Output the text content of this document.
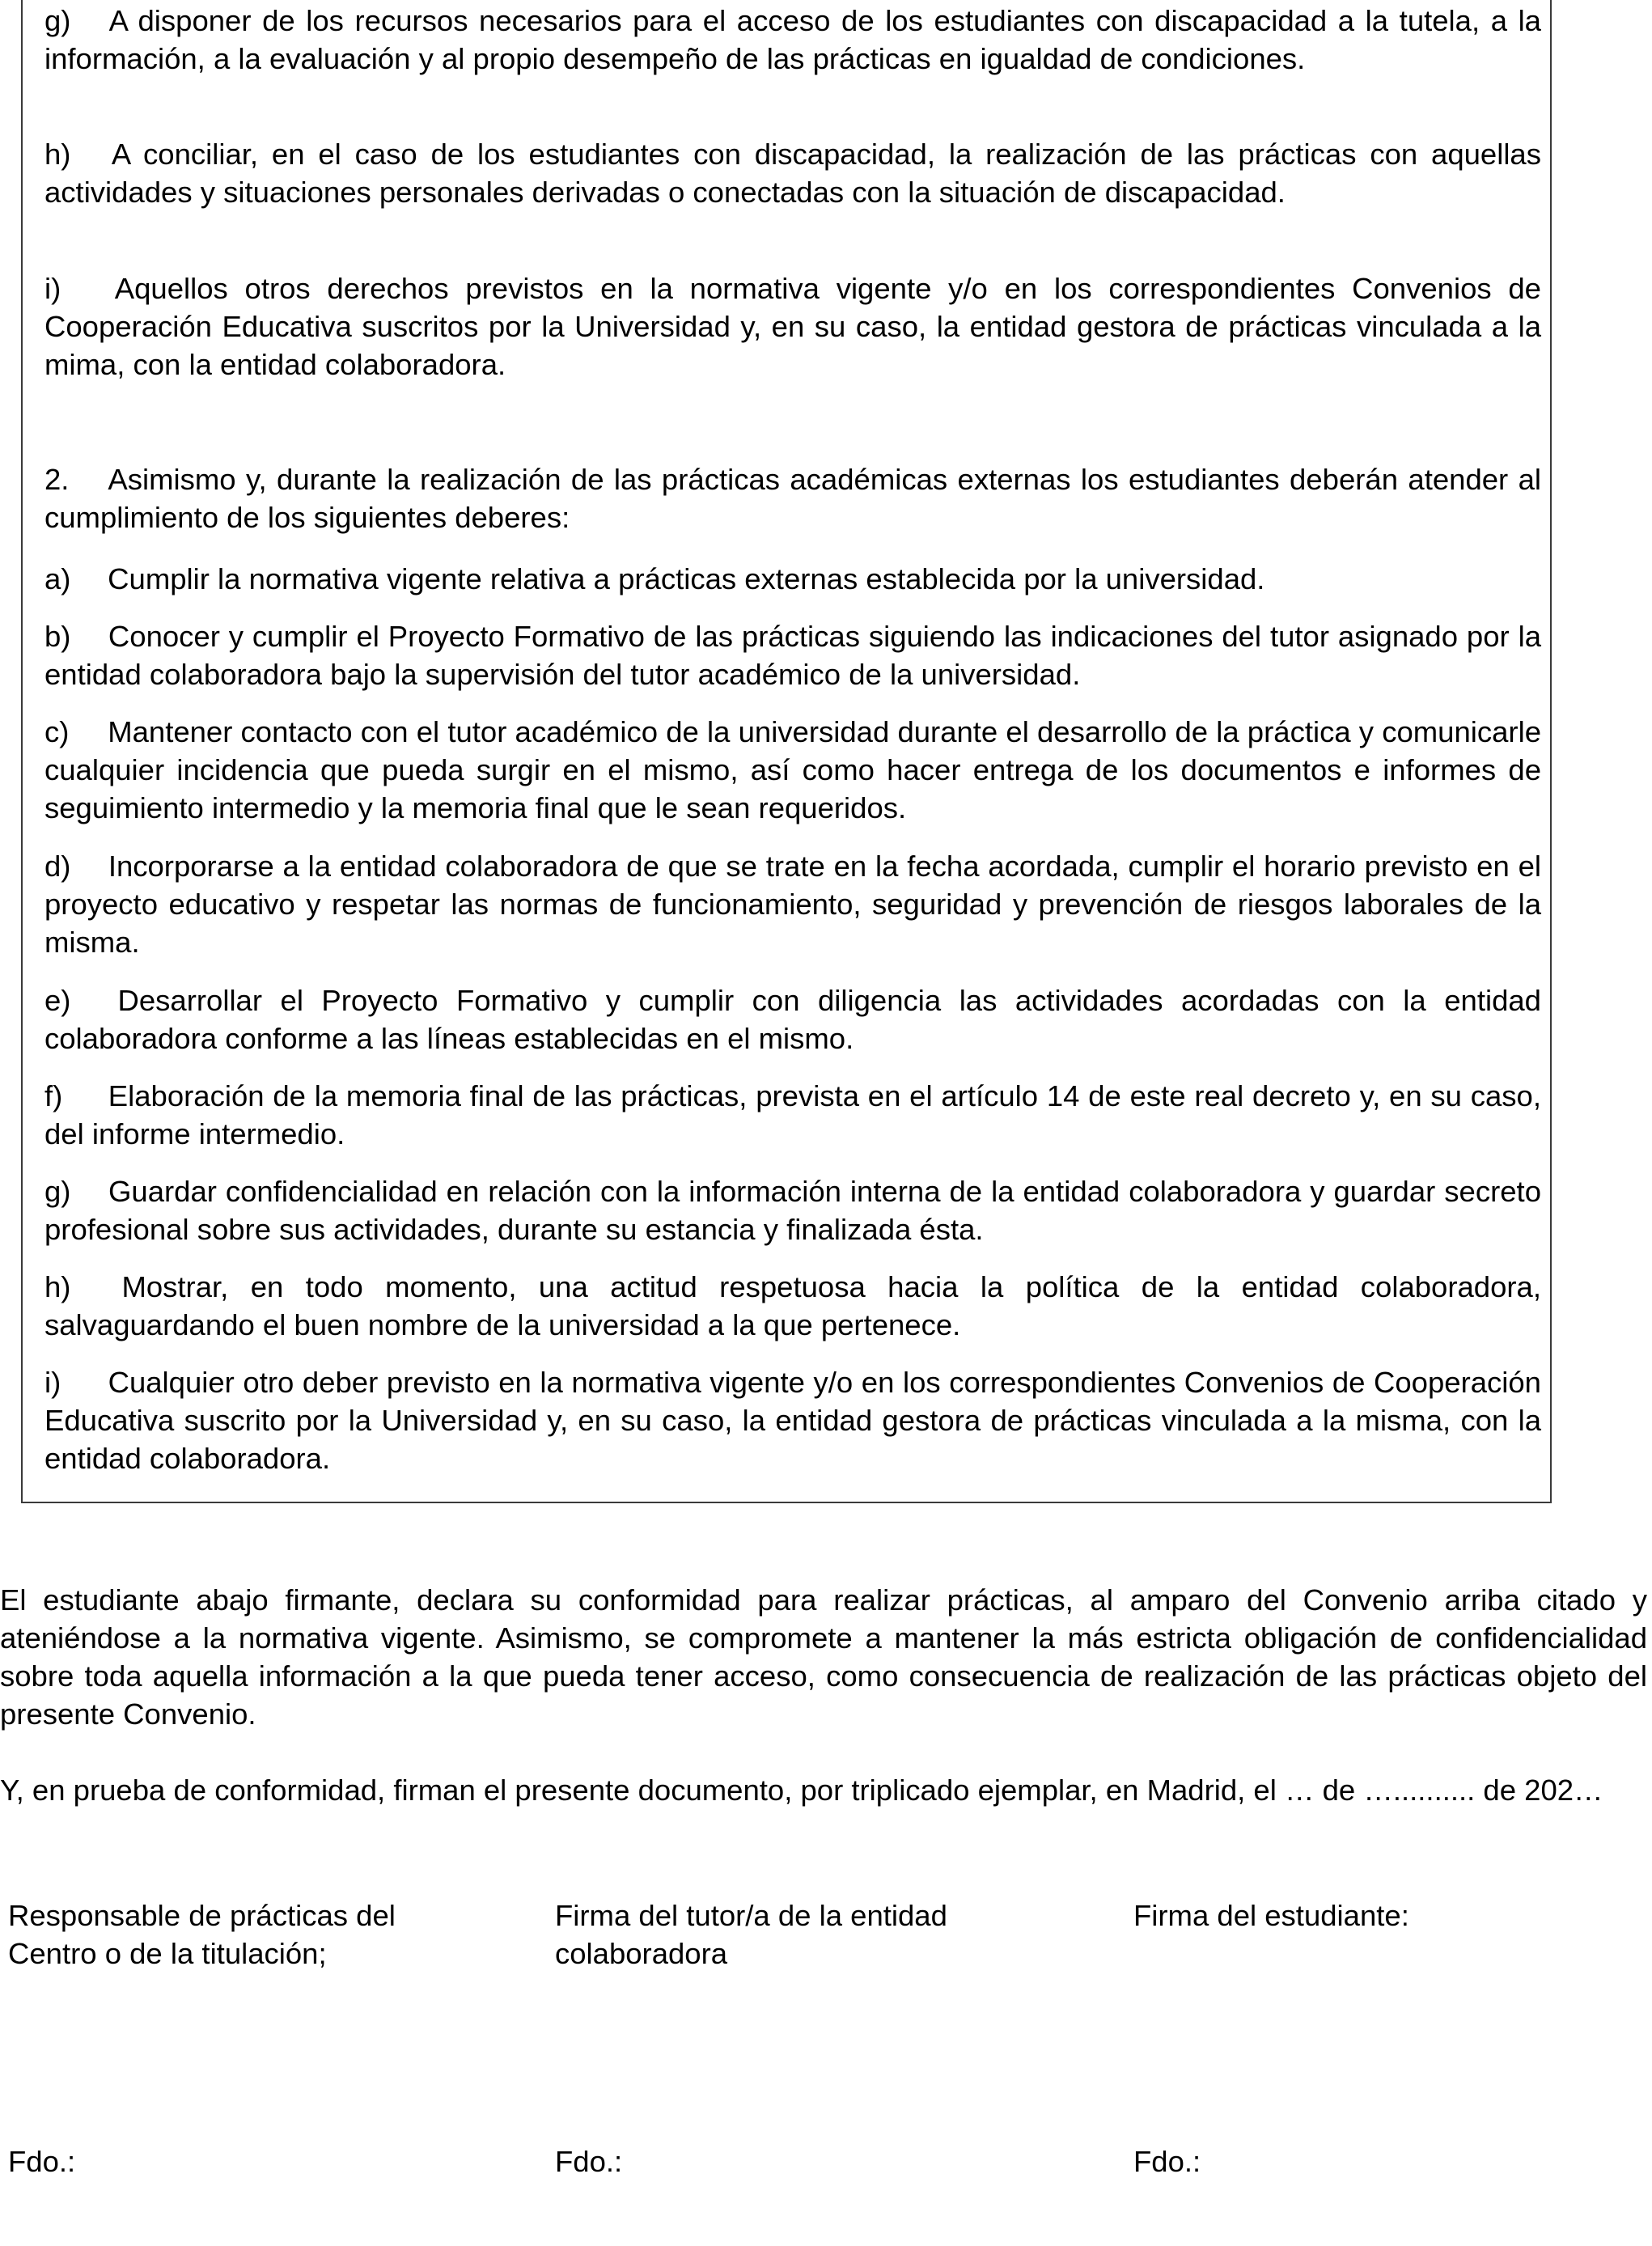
g) A disponer de los recursos necesarios para el acceso de los estudiantes con discapacidad a la tutela, a la información, a la evaluación y al propio desempeño de las prácticas en igualdad de condiciones.

h) A conciliar, en el caso de los estudiantes con discapacidad, la realización de las prácticas con aquellas actividades y situaciones personales derivadas o conectadas con la situación de discapacidad.

i) Aquellos otros derechos previstos en la normativa vigente y/o en los correspondientes Convenios de Cooperación Educativa suscritos por la Universidad y, en su caso, la entidad gestora de prácticas vinculada a la mima, con la entidad colaboradora.

2. Asimismo y, durante la realización de las prácticas académicas externas los estudiantes deberán atender al cumplimiento de los siguientes deberes:

a) Cumplir la normativa vigente relativa a prácticas externas establecida por la universidad.

b) Conocer y cumplir el Proyecto Formativo de las prácticas siguiendo las indicaciones del tutor asignado por la entidad colaboradora bajo la supervisión del tutor académico de la universidad.

c) Mantener contacto con el tutor académico de la universidad durante el desarrollo de la práctica y comunicarle cualquier incidencia que pueda surgir en el mismo, así como hacer entrega de los documentos e informes de seguimiento intermedio y la memoria final que le sean requeridos.

d) Incorporarse a la entidad colaboradora de que se trate en la fecha acordada, cumplir el horario previsto en el proyecto educativo y respetar las normas de funcionamiento, seguridad y prevención de riesgos laborales de la misma.

e) Desarrollar el Proyecto Formativo y cumplir con diligencia las actividades acordadas con la entidad colaboradora conforme a las líneas establecidas en el mismo.

f) Elaboración de la memoria final de las prácticas, prevista en el artículo 14 de este real decreto y, en su caso, del informe intermedio.

g) Guardar confidencialidad en relación con la información interna de la entidad colaboradora y guardar secreto profesional sobre sus actividades, durante su estancia y finalizada ésta.

h) Mostrar, en todo momento, una actitud respetuosa hacia la política de la entidad colaboradora, salvaguardando el buen nombre de la universidad a la que pertenece.

i) Cualquier otro deber previsto en la normativa vigente y/o en los correspondientes Convenios de Cooperación Educativa suscrito por la Universidad y, en su caso, la entidad gestora de prácticas vinculada a la misma, con la entidad colaboradora.

El estudiante abajo firmante, declara su conformidad para realizar prácticas, al amparo del Convenio arriba citado y ateniéndose a la normativa vigente. Asimismo, se compromete a mantener la más estricta obligación de confidencialidad sobre toda aquella información a la que pueda tener acceso, como consecuencia de realización de las prácticas objeto del presente Convenio.

Y, en prueba de conformidad, firman el presente documento, por triplicado ejemplar, en Madrid, el … de ….......... de 202…

Responsable de prácticas del
Centro o de la titulación;
Firma del tutor/a de la entidad
colaboradora
Firma del estudiante:
Fdo.:	Fdo.:	Fdo.:
